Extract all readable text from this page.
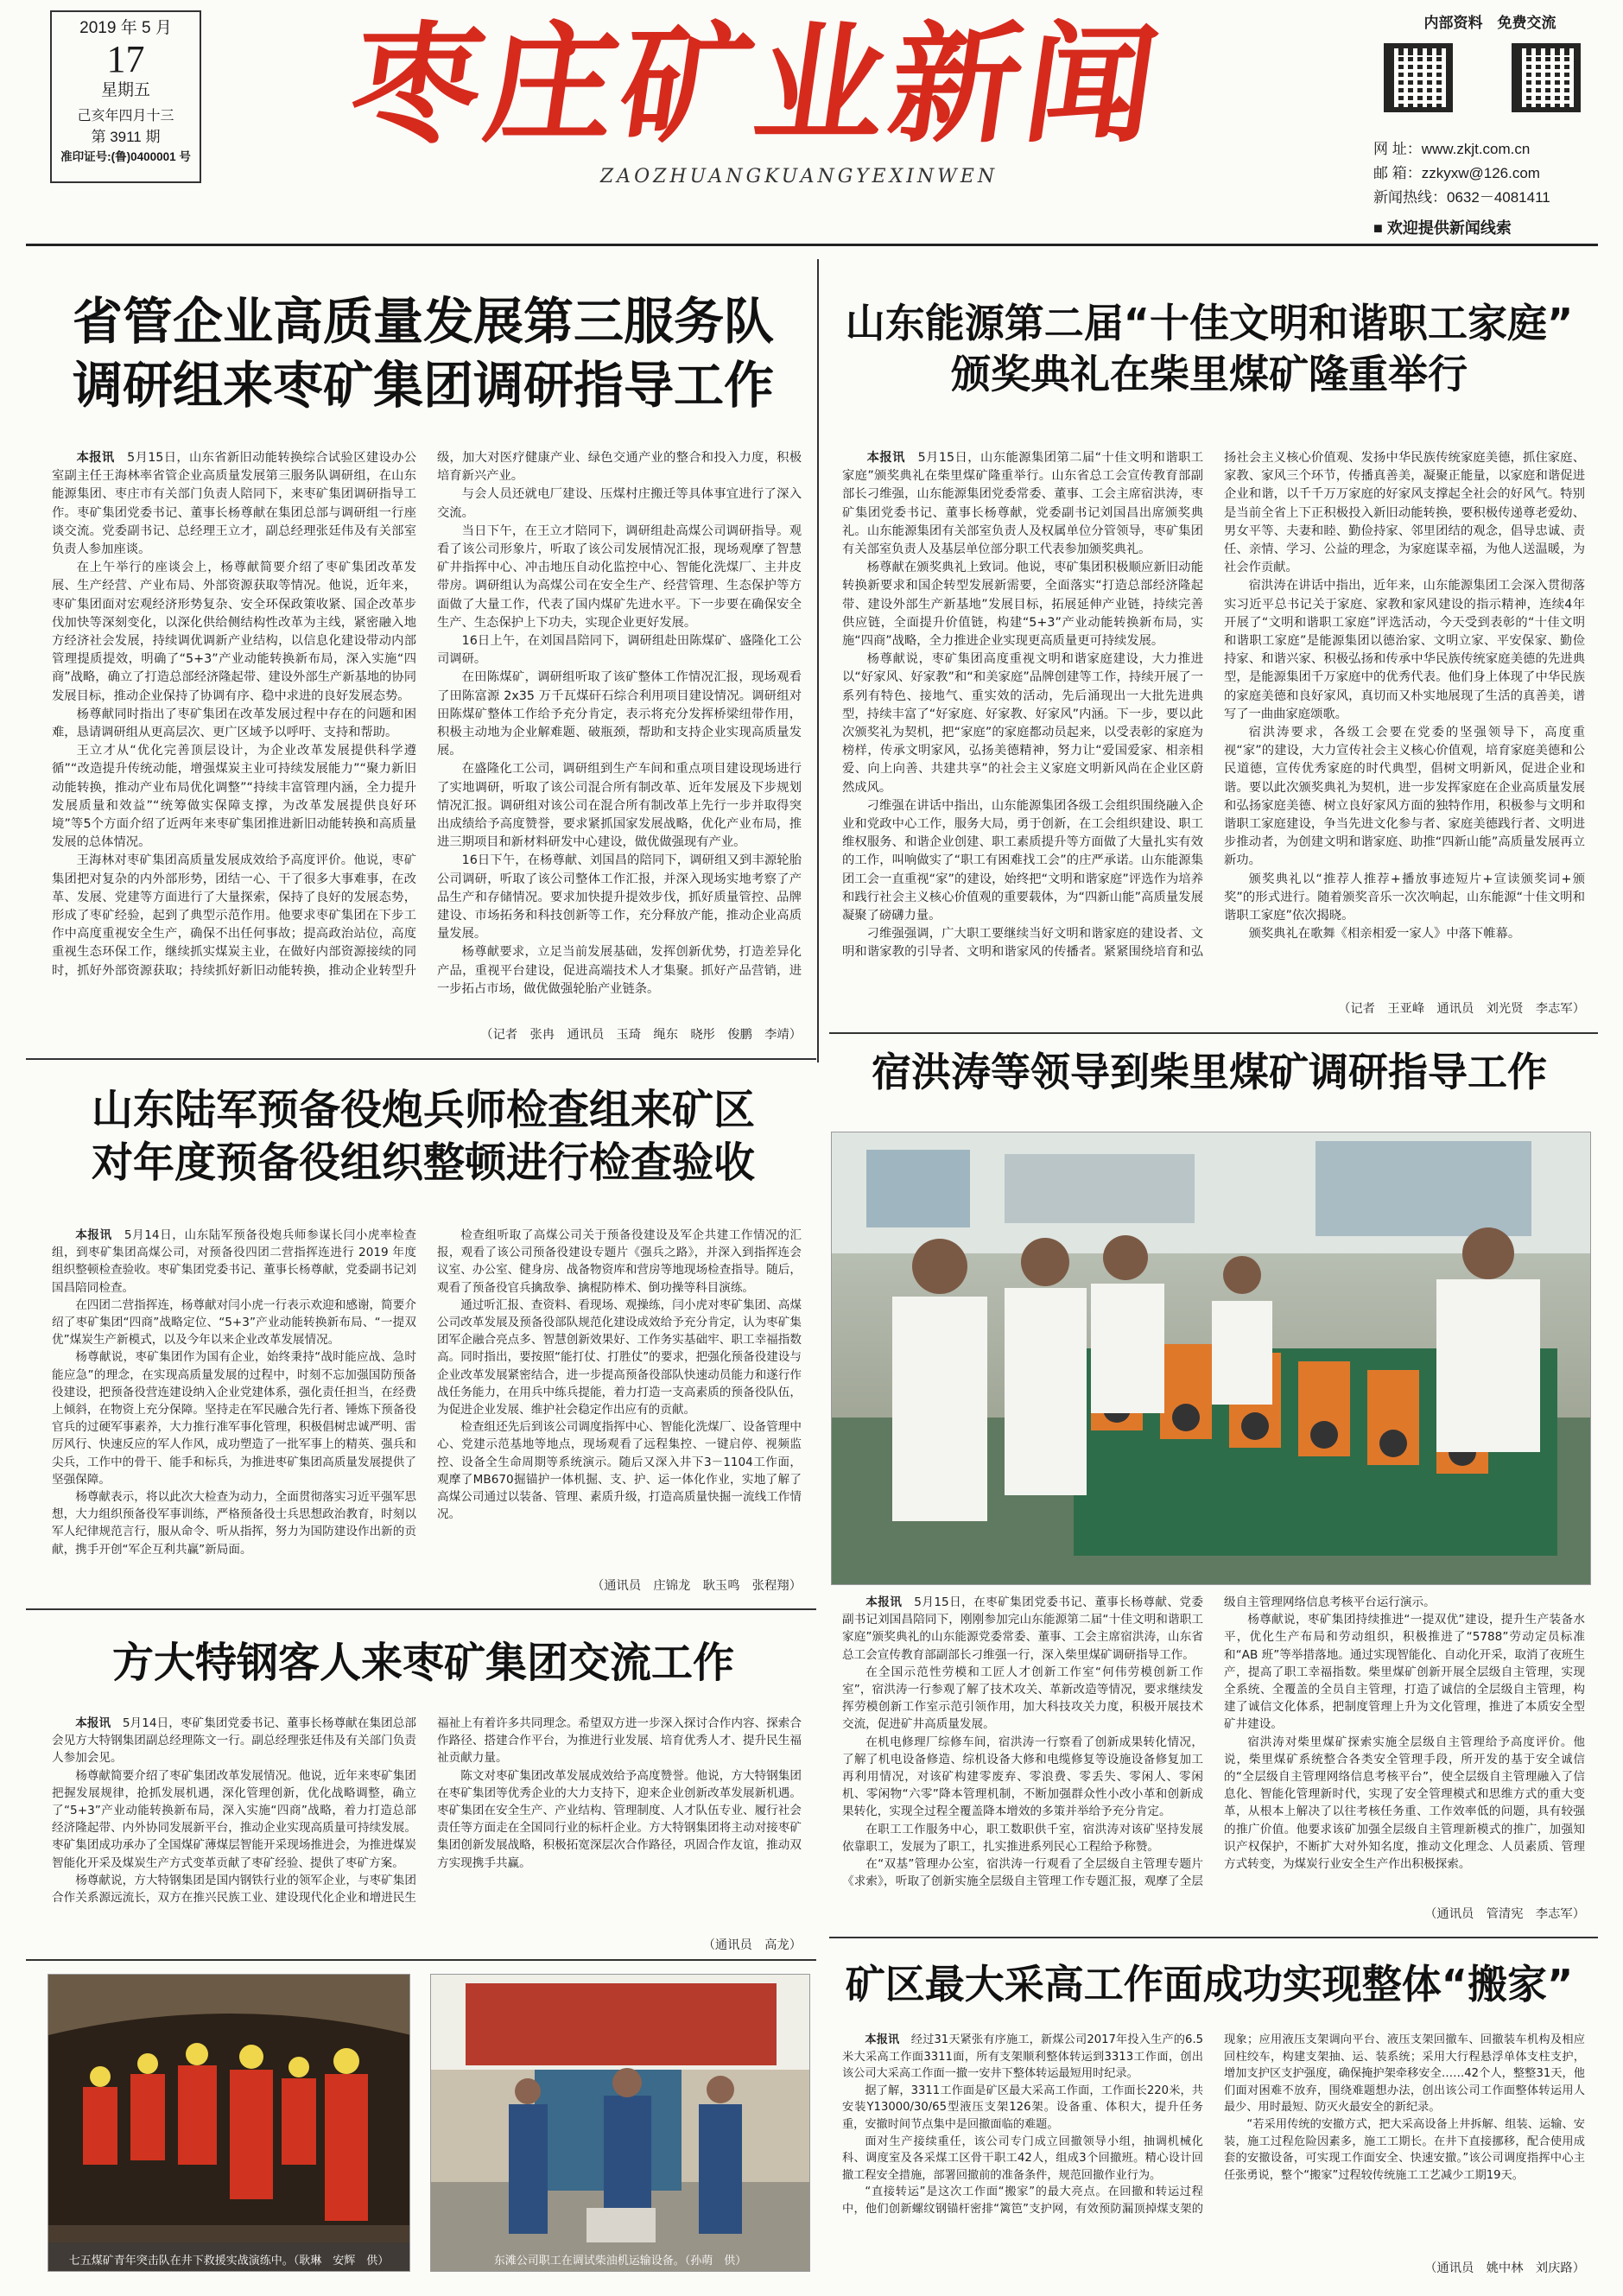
2019 年 5 月
17
星期五
己亥年四月十三
第 3911 期
准印证号:(鲁)0400001 号 枣庄矿业新闻
ZAOZHUANGKUANGYEXINWEN
内部资料　免费交流
网 址：www.zkjt.com.cn
邮 箱：zzkyxw@126.com
新闻热线：0632－4081411
■ 欢迎提供新闻线索
省管企业高质量发展第三服务队
调研组来枣矿集团调研指导工作

本报讯　 5月15日，山东省新旧动能转换综合试验区建设办公室副主任王海林率省管企业高质量发展第三服务队调研组，在山东能源集团、枣庄市有关部门负责人陪同下，来枣矿集团调研指导工作。枣矿集团党委书记、董事长杨尊献在集团总部与调研组一行座谈交流。党委副书记、总经理王立才，副总经理张廷伟及有关部室负责人参加座谈。

在上午举行的座谈会上，杨尊献简要介绍了枣矿集团改革发展、生产经营、产业布局、外部资源获取等情况。他说，近年来，枣矿集团面对宏观经济形势复杂、安全环保政策收紧、国企改革步伐加快等深刻变化，以深化供给侧结构性改革为主线，紧密融入地方经济社会发展，持续调优调新产业结构，以信息化建设带动内部管理提质提效，明确了“5+3”产业动能转换新布局，深入实施“四商”战略，确立了打造总部经济隆起带、建设外部生产新基地的协同发展目标，推动企业保持了协调有序、稳中求进的良好发展态势。

杨尊献同时指出了枣矿集团在改革发展过程中存在的问题和困难，恳请调研组从更高层次、更广区域予以呼吁、支持和帮助。

王立才从“优化完善顶层设计，为企业改革发展提供科学遵循”“改造提升传统动能，增强煤炭主业可持续发展能力”“聚力新旧动能转换，推动产业布局优化调整”“持续丰富管理内涵，全力提升发展质量和效益”“统筹做实保障支撑，为改革发展提供良好环境”等5个方面介绍了近两年来枣矿集团推进新旧动能转换和高质量发展的总体情况。

王海林对枣矿集团高质量发展成效给予高度评价。他说，枣矿集团把对复杂的内外部形势，团结一心、干了很多大事难事，在改革、发展、党建等方面进行了大量探索，保持了良好的发展态势，形成了枣矿经验，起到了典型示范作用。他要求枣矿集团在下步工作中高度重视安全生产，确保不出任何事故；提高政治站位，高度重视生态环保工作，继续抓实煤炭主业，在做好内部资源接续的同时，抓好外部资源获取；持续抓好新旧动能转换，推动企业转型升级，加大对医疗健康产业、绿色交通产业的整合和投入力度，积极培育新兴产业。

与会人员还就电厂建设、压煤村庄搬迁等具体事宜进行了深入交流。

当日下午，在王立才陪同下，调研组赴高煤公司调研指导。观看了该公司形象片，听取了该公司发展情况汇报，现场观摩了智慧矿井指挥中心、冲击地压自动化监控中心、智能化洗煤厂、主井皮带房。调研组认为高煤公司在安全生产、经营管理、生态保护等方面做了大量工作，代表了国内煤矿先进水平。下一步要在确保安全生产、生态保护上下功夫，实现企业更好发展。

16日上午，在刘国昌陪同下，调研组赴田陈煤矿、盛隆化工公司调研。

在田陈煤矿，调研组听取了该矿整体工作情况汇报，现场观看了田陈富源 2x35 万千瓦煤矸石综合利用项目建设情况。调研组对田陈煤矿整体工作给予充分肯定，表示将充分发挥桥梁纽带作用，积极主动地为企业解难题、破瓶颈，帮助和支持企业实现高质量发展。

在盛隆化工公司，调研组到生产车间和重点项目建设现场进行了实地调研，听取了该公司混合所有制改革、近年发展及下步规划情况汇报。调研组对该公司在混合所有制改革上先行一步并取得突出成绩给予高度赞誉，要求紧抓国家发展战略，优化产业布局，推进三期项目和新材料研发中心建设，做优做强现有产业。

16日下午，在杨尊献、刘国昌的陪同下，调研组又到丰源轮胎公司调研，听取了该公司整体工作汇报，并深入现场实地考察了产品生产和存储情况。要求加快提升提效步伐，抓好质量管控、品牌建设、市场拓务和科技创新等工作，充分释放产能，推动企业高质量发展。

杨尊献要求，立足当前发展基础，发挥创新优势，打造差异化产品，重视平台建设，促进高端技术人才集聚。抓好产品营销，进一步拓占市场，做优做强轮胎产业链条。

（记者　张冉　通讯员　玉琦　绳东　晓彤　俊鹏　李靖）
山东能源第二届“十佳文明和谐职工家庭”
颁奖典礼在柴里煤矿隆重举行

本报讯　 5月15日，山东能源集团第二届“十佳文明和谐职工家庭”颁奖典礼在柴里煤矿隆重举行。山东省总工会宣传教育部副部长刁维强，山东能源集团党委常委、董事、工会主席宿洪涛，枣矿集团党委书记、董事长杨尊献，党委副书记刘国昌出席颁奖典礼。山东能源集团有关部室负责人及权属单位分管领导，枣矿集团有关部室负责人及基层单位部分职工代表参加颁奖典礼。

杨尊献在颁奖典礼上致词。他说，枣矿集团积极顺应新旧动能转换新要求和国企转型发展新需要，全面落实“打造总部经济隆起带、建设外部生产新基地”发展目标，拓展延伸产业链，持续完善供应链，全面提升价值链，构建“5+3”产业动能转换新布局，实施“四商”战略，全力推进企业实现更高质量更可持续发展。

杨尊献说，枣矿集团高度重视文明和谐家庭建设，大力推进以“好家风、好家教”和“和美家庭”品牌创建等工作，持续开展了一系列有特色、接地气、重实效的活动，先后涌现出一大批先进典型，持续丰富了“好家庭、好家教、好家风”内涵。下一步，要以此次颁奖礼为契机，把“家庭”的家庭都动员起来，以受表彰的家庭为榜样，传承文明家风，弘扬美德精神，努力让“爱国爱家、相亲相爱、向上向善、共建共享”的社会主义家庭文明新风尚在企业区蔚然成风。

刁维强在讲话中指出，山东能源集团各级工会组织围绕融入企业和党政中心工作，服务大局，勇于创新，在工会组织建设、职工维权服务、和谐企业创建、职工素质提升等方面做了大量扎实有效的工作，叫响做实了“职工有困难找工会”的庄严承诺。山东能源集团工会一直重视“家”的建设，始终把“文明和谐家庭”评选作为培养和践行社会主义核心价值观的重要载体，为“四新山能”高质量发展凝聚了磅礴力量。

刁维强强调，广大职工要继续当好文明和谐家庭的建设者、文明和谐家教的引导者、文明和谐家风的传播者。紧紧围绕培育和弘扬社会主义核心价值观、发扬中华民族传统家庭美德，抓住家庭、家教、家风三个环节，传播真善美，凝聚正能量，以家庭和谐促进企业和谐，以千千万万家庭的好家风支撑起全社会的好风气。特别是当前全省上下正积极投入新旧动能转换，要积极传递尊老爱幼、男女平等、夫妻和睦、勤俭持家、邻里团结的观念，倡导忠诚、责任、亲情、学习、公益的理念，为家庭谋幸福，为他人送温暖，为社会作贡献。

宿洪涛在讲话中指出，近年来，山东能源集团工会深入贯彻落实习近平总书记关于家庭、家教和家风建设的指示精神，连续4年开展了“文明和谐职工家庭”评选活动，今天受到表彰的“十佳文明和谐职工家庭”是能源集团以德治家、文明立家、平安保家、勤俭持家、和谐兴家、积极弘扬和传承中华民族传统家庭美德的先进典型，是能源集团千万家庭中的优秀代表。他们身上体现了中华民族的家庭美德和良好家风，真切而又朴实地展现了生活的真善美，谱写了一曲曲家庭颂歌。

宿洪涛要求，各级工会要在党委的坚强领导下，高度重视“家”的建设，大力宣传社会主义核心价值观，培育家庭美德和公民道德，宣传优秀家庭的时代典型，倡树文明新风，促进企业和谐。要以此次颁奖典礼为契机，进一步发挥家庭在企业高质量发展和弘扬家庭美德、树立良好家风方面的独特作用，积极参与文明和谐职工家庭建设，争当先进文化参与者、家庭美德践行者、文明进步推动者，为创建文明和谐家庭、助推“四新山能”高质量发展再立新功。

颁奖典礼以“推荐人推荐+播放事迹短片+宣读颁奖词+颁奖”的形式进行。随着颁奖音乐一次次响起，山东能源“十佳文明和谐职工家庭”依次揭晓。

颁奖典礼在歌舞《相亲相爱一家人》中落下帷幕。

（记者　王亚峰　通讯员　刘光贤　李志军）
山东陆军预备役炮兵师检查组来矿区
对年度预备役组织整顿进行检查验收

本报讯　 5月14日，山东陆军预备役炮兵师参谋长闫小虎率检查组，到枣矿集团高煤公司，对预备役四团二营指挥连进行 2019 年度组织整顿检查验收。枣矿集团党委书记、董事长杨尊献，党委副书记刘国昌陪同检查。

在四团二营指挥连，杨尊献对闫小虎一行表示欢迎和感谢，简要介绍了枣矿集团“四商”战略定位、“5+3”产业动能转换新布局、“一提双优”煤炭生产新模式，以及今年以来企业改革发展情况。

杨尊献说，枣矿集团作为国有企业，始终秉持“战时能应战、急时能应急”的理念，在实现高质量发展的过程中，时刻不忘加强国防预备役建设，把预备役营连建设纳入企业党建体系，强化责任担当，在经费上倾斜，在物资上充分保障。坚持走在军民融合先行者、锤炼下预备役官兵的过硬军事素养，大力推行准军事化管理，积极倡树忠诚严明、雷厉风行、快速反应的军人作风，成功塑造了一批军事上的精英、强兵和尖兵，工作中的骨干、能手和标兵，为推进枣矿集团高质量发展提供了坚强保障。

杨尊献表示，将以此次大检查为动力，全面贯彻落实习近平强军思想，大力组织预备役军事训练，严格预备役士兵思想政治教育，时刻以军人纪律规范言行，服从命令、听从指挥，努力为国防建设作出新的贡献，携手开创“军企互利共赢”新局面。

检查组听取了高煤公司关于预备役建设及军企共建工作情况的汇报，观看了该公司预备役建设专题片《强兵之路》，并深入到指挥连会议室、办公室、健身房、战备物资库和营房等地现场检查指导。随后，观看了预备役官兵擒敌拳、擒棍防棒术、倒功操等科目演练。

通过听汇报、查资料、看现场、观操练，闫小虎对枣矿集团、高煤公司改革发展及预备役部队规范化建设成效给予充分肯定，认为枣矿集团军企融合亮点多、智慧创新效果好、工作务实基础牢、职工幸福指数高。同时指出，要按照“能打仗、打胜仗”的要求，把强化预备役建设与企业改革发展紧密结合，进一步提高预备役部队快速动员能力和遂行作战任务能力，在用兵中练兵提能，着力打造一支高素质的预备役队伍，为促进企业发展、维护社会稳定作出应有的贡献。

检查组还先后到该公司调度指挥中心、智能化洗煤厂、设备管理中心、党建示范基地等地点，现场观看了远程集控、一键启停、视频监控、设备全生命周期等系统演示。随后又深入井下3－1104工作面，观摩了MB670掘锚护一体机掘、支、护、运一体化作业，实地了解了高煤公司通过以装备、管理、素质升级，打造高质量快掘一流线工作情况。

（通讯员　庄锦龙　耿玉鸣　张程翔）
宿洪涛等领导到柴里煤矿调研指导工作

本报讯　 5月15日，在枣矿集团党委书记、董事长杨尊献、党委副书记刘国昌陪同下，刚刚参加完山东能源第二届“十佳文明和谐职工家庭”颁奖典礼的山东能源党委常委、董事、工会主席宿洪涛，山东省总工会宣传教育部副部长刁维强一行，深入柴里煤矿调研指导工作。

在全国示范性劳模和工匠人才创新工作室“何伟劳模创新工作室”，宿洪涛一行参观了解了技术攻关、革新改造等情况，要求继续发挥劳模创新工作室示范引领作用，加大科技攻关力度，积极开展技术交流，促进矿井高质量发展。

在机电修理厂综修车间，宿洪涛一行察看了创新成果转化情况，了解了机电设备修造、综机设备大修和电缆修复等设施设备修复加工再利用情况，对该矿构建零废弃、零浪费、零丢失、零闲人、零闲机、零闲物“六零”降本管理机制，不断加强群众性小改小革和创新成果转化，实现全过程全覆盖降本增效的多策并举给予充分肯定。

在职工工作服务中心，职工数职供千室，宿洪涛对该矿坚持发展依靠职工，发展为了职工，扎实推进系列民心工程给予称赞。

在“双基”管理办公室，宿洪涛一行观看了全层级自主管理专题片《求索》，听取了创新实施全层级自主管理工作专题汇报，观摩了全层级自主管理网络信息考核平台运行演示。

杨尊献说，枣矿集团持续推进“一提双优”建设，提升生产装备水平，优化生产布局和劳动组织，积极推进了“5788”劳动定员标准和“AB 班”等举措落地。通过实现智能化、自动化开采，取消了夜班生产，提高了职工幸福指数。柴里煤矿创新开展全层级自主管理，实现全系统、全覆盖的全员自主管理，打造了诚信的全层级自主管理，构建了诚信文化体系，把制度管理上升为文化管理，推进了本质安全型矿井建设。

宿洪涛对柴里煤矿探索实施全层级自主管理给予高度评价。他说，柴里煤矿系统整合各类安全管理手段，所开发的基于安全诚信的“全层级自主管理网络信息考核平台”，使全层级自主管理融入了信息化、智能化管理新时代，实现了安全管理模式和思维方式的重大变革，从根本上解决了以往考核任务重、工作效率低的问题，具有较强的推广价值。他要求该矿加强全层级自主管理新模式的推广，加强知识产权保护，不断扩大对外知名度，推动文化理念、人员素质、管理方式转变，为煤炭行业安全生产作出积极探索。

（通讯员　管清宪　李志军）
方大特钢客人来枣矿集团交流工作

本报讯　 5月14日，枣矿集团党委书记、董事长杨尊献在集团总部会见方大特钢集团副总经理陈文一行。副总经理张廷伟及有关部门负责人参加会见。

杨尊献简要介绍了枣矿集团改革发展情况。他说，近年来枣矿集团把握发展规律，抢抓发展机遇，深化管理创新，优化战略调整，确立了“5+3”产业动能转换新布局，深入实施“四商”战略，着力打造总部经济隆起带、内外协同发展新平台，推动企业实现高质量可持续发展。枣矿集团成功承办了全国煤矿薄煤层智能开采现场推进会，为推进煤炭智能化开采及煤炭生产方式变革贡献了枣矿经验、提供了枣矿方案。

杨尊献说，方大特钢集团是国内钢铁行业的领军企业，与枣矿集团合作关系源远流长，双方在推兴民族工业、建设现代化企业和增进民生福祉上有着许多共同理念。希望双方进一步深入探讨合作内容、探索合作路径、搭建合作平台，为推进行业发展、培育优秀人才、提升民生福祉贡献力量。

陈文对枣矿集团改革发展成效给予高度赞誉。他说，方大特钢集团在枣矿集团等优秀企业的大力支持下，迎来企业创新改革发展新机遇。枣矿集团在安全生产、产业结构、管理制度、人才队伍专业、履行社会责任等方面走在全国同行业的标杆企业。方大特钢集团将主动对接枣矿集团创新发展战略，积极拓宽深层次合作路径，巩固合作友谊，推动双方实现携手共赢。

（通讯员　高龙）
七五煤矿青年突击队在井下救援实战演练中。（耿琳　安辉　供）	东滩公司职工在调试柴油机运输设备。（孙萌　供）
矿区最大采高工作面成功实现整体“搬家”

本报讯　 经过31天紧张有序施工，新煤公司2017年投入生产的6.5米大采高工作面3311面，所有支架顺利整体转运到3313工作面，创出该公司大采高工作面一撤一安井下整体转运最短用时纪录。

据了解，3311工作面是矿区最大采高工作面，工作面长220米，共安装Y13000/30/65型液压支架126架。设备重、体积大，提升任务重，安撤时间节点集中是回撤面临的难题。

面对生产接续重任，该公司专门成立回撤领导小组，抽调机械化科、调度室及各采煤工区骨干职工42人，组成3个回撤班。精心设计回撤工程安全措施，部署回撤前的准备条件，规范回撤作业行为。

“直接转运”是这次工作面“搬家”的最大亮点。在回撤和转运过程中，他们创新螺纹钢锚杆密排“篱笆”支护网，有效预防漏顶掉煤支架的现象；应用液压支架调向平台、液压支架回撤车、回撤装车机构及相应回柱绞车，构建支架抽、运、装系统；采用大行程悬浮单体支柱支护，增加支护区支护强度，确保掩护架牵移安全……42个人，整整31天，他们面对困难不放弃，围绕难题想办法，创出该公司工作面整体转运用人最少、用时最短、防灭火最安全的新纪录。

“若采用传统的安撤方式，把大采高设备上井拆解、组装、运输、安装，施工过程危险因素多，施工工期长。在井下直接挪移，配合使用成套的安撤设备，可实现工作面安全、快速安撤。”该公司调度指挥中心主任张勇说，整个“搬家”过程较传统施工工艺减少工期19天。

（通讯员　姚中林　刘庆路）
